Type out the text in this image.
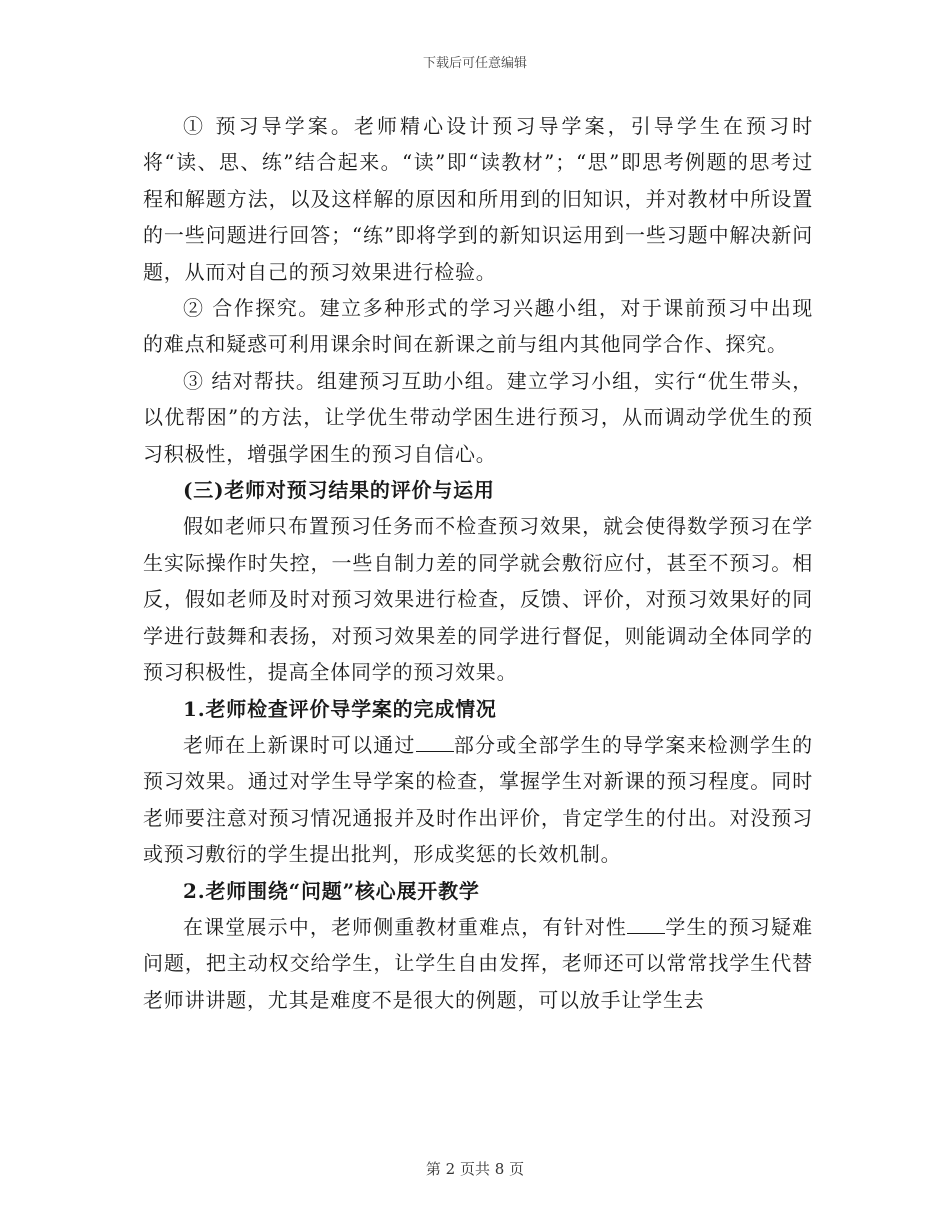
下载后可任意编辑

① 预习导学案。老师精心设计预习导学案，引导学生在预习时将“读、思、练”结合起来。“读”即“读教材”；“思”即思考例题的思考过程和解题方法，以及这样解的原因和所用到的旧知识，并对教材中所设置的一些问题进行回答；“练”即将学到的新知识运用到一些习题中解决新问题，从而对自己的预习效果进行检验。

② 合作探究。建立多种形式的学习兴趣小组，对于课前预习中出现的难点和疑惑可利用课余时间在新课之前与组内其他同学合作、探究。

③ 结对帮扶。组建预习互助小组。建立学习小组，实行“优生带头，以优帮困”的方法，让学优生带动学困生进行预习，从而调动学优生的预习积极性，增强学困生的预习自信心。

(三)老师对预习结果的评价与运用

假如老师只布置预习任务而不检查预习效果，就会使得数学预习在学生实际操作时失控，一些自制力差的同学就会敷衍应付，甚至不预习。相反，假如老师及时对预习效果进行检查，反馈、评价，对预习效果好的同学进行鼓舞和表扬，对预习效果差的同学进行督促，则能调动全体同学的预习积极性，提高全体同学的预习效果。

1.老师检查评价导学案的完成情况

老师在上新课时可以通过 部分或全部学生的导学案来检测学生的预习效果。通过对学生导学案的检查，掌握学生对新课的预习程度。同时老师要注意对预习情况通报并及时作出评价，肯定学生的付出。对没预习或预习敷衍的学生提出批判，形成奖惩的长效机制。

2.老师围绕“问题”核心展开教学

在课堂展示中，老师侧重教材重难点，有针对性 学生的预习疑难问题，把主动权交给学生，让学生自由发挥，老师还可以常常找学生代替老师讲讲题，尤其是难度不是很大的例题，可以放手让学生去

第 2 页共 8 页
